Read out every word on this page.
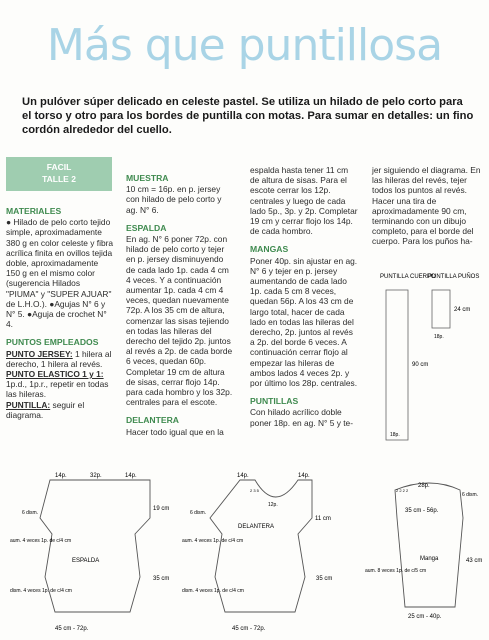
Más que puntillosa
Un pulóver súper delicado en celeste pastel. Se utiliza un hilado de pelo corto para el torso y otro para los bordes de puntilla con motas. Para sumar en detalles: un fino cordón alrededor del cuello.
FACIL
TALLE 2
MATERIALES

● Hilado de pelo corto tejido simple, aproximadamente 380 g en color celeste y fibra acrílica finita en ovillos tejida doble, aproximadamente 150 g en el mismo color (sugerencia Hilados "PIUMA" y "SUPER AJUAR" de L.H.O.). ●Agujas N° 6 y N° 5. ●Aguja de crochet N° 4.

PUNTOS EMPLEADOS
PUNTO JERSEY: 1 hilera al derecho, 1 hilera al revés.
PUNTO ELASTICO 1 y 1: 1p.d., 1p.r., repetir en todas las hileras.
PUNTILLA: seguir el diagrama.
MUESTRA

10 cm = 16p. en p. jersey con hilado de pelo corto y ag. N° 6.

ESPALDA

En ag. N° 6 poner 72p. con hilado de pelo corto y tejer en p. jersey disminuyendo de cada lado 1p. cada 4 cm 4 veces. Y a continuación aumentar 1p. cada 4 cm 4 veces, quedan nuevamente 72p. A los 35 cm de altura, comenzar las sisas tejiendo en todas las hileras del derecho del tejido 2p. juntos al revés a 2p. de cada borde 6 veces, quedan 60p. Completar 19 cm de altura de sisas, cerrar flojo 14p. para cada hombro y los 32p. centrales para el escote.

DELANTERA

Hacer todo igual que en la

espalda hasta tener 11 cm de altura de sisas. Para el escote cerrar los 12p. centrales y luego de cada lado 5p., 3p. y 2p. Completar 19 cm y cerrar flojo los 14p. de cada hombro.

MANGAS

Poner 40p. sin ajustar en ag. N° 6 y tejer en p. jersey aumentando de cada lado 1p. cada 5 cm 8 veces, quedan 56p. A los 43 cm de largo total, hacer de cada lado en todas las hileras del derecho, 2p. juntos al revés a 2p. del borde 6 veces. A continuación cerrar flojo al empezar las hileras de ambos lados 4 veces 2p. y por último los 28p. centrales.

PUNTILLAS

Con hilado acrílico doble poner 18p. en ag. N° 5 y te-

jer siguiendo el diagrama. En las hileras del revés, tejer todos los puntos al revés. Hacer una tira de aproximadamente 90 cm, terminando con un dibujo completo, para el borde del cuerpo. Para los puños ha-

PUNTILLA CUERPO
PUNTILLA PUÑOS
90 cm
18p.
24 cm
18p.
14p.	32p.	14p.
19 cm
6 dism.
aum. 4 veces 1p. de c/4 cm
ESPALDA
35 cm
dism. 4 veces 1p. de c/4 cm
45 cm - 72p.
14p.	14p.
12p.
2 3 5
11 cm
6 dism.
aum. 4 veces 1p. de c/4 cm
DELANTERA
35 cm
dism. 4 veces 1p. de c/4 cm
45 cm - 72p.
28p.
2 2 2 2
6 dism.
35 cm - 56p.
Manga
aum. 8 veces 1p. de c/5 cm
43 cm
25 cm - 40p.
